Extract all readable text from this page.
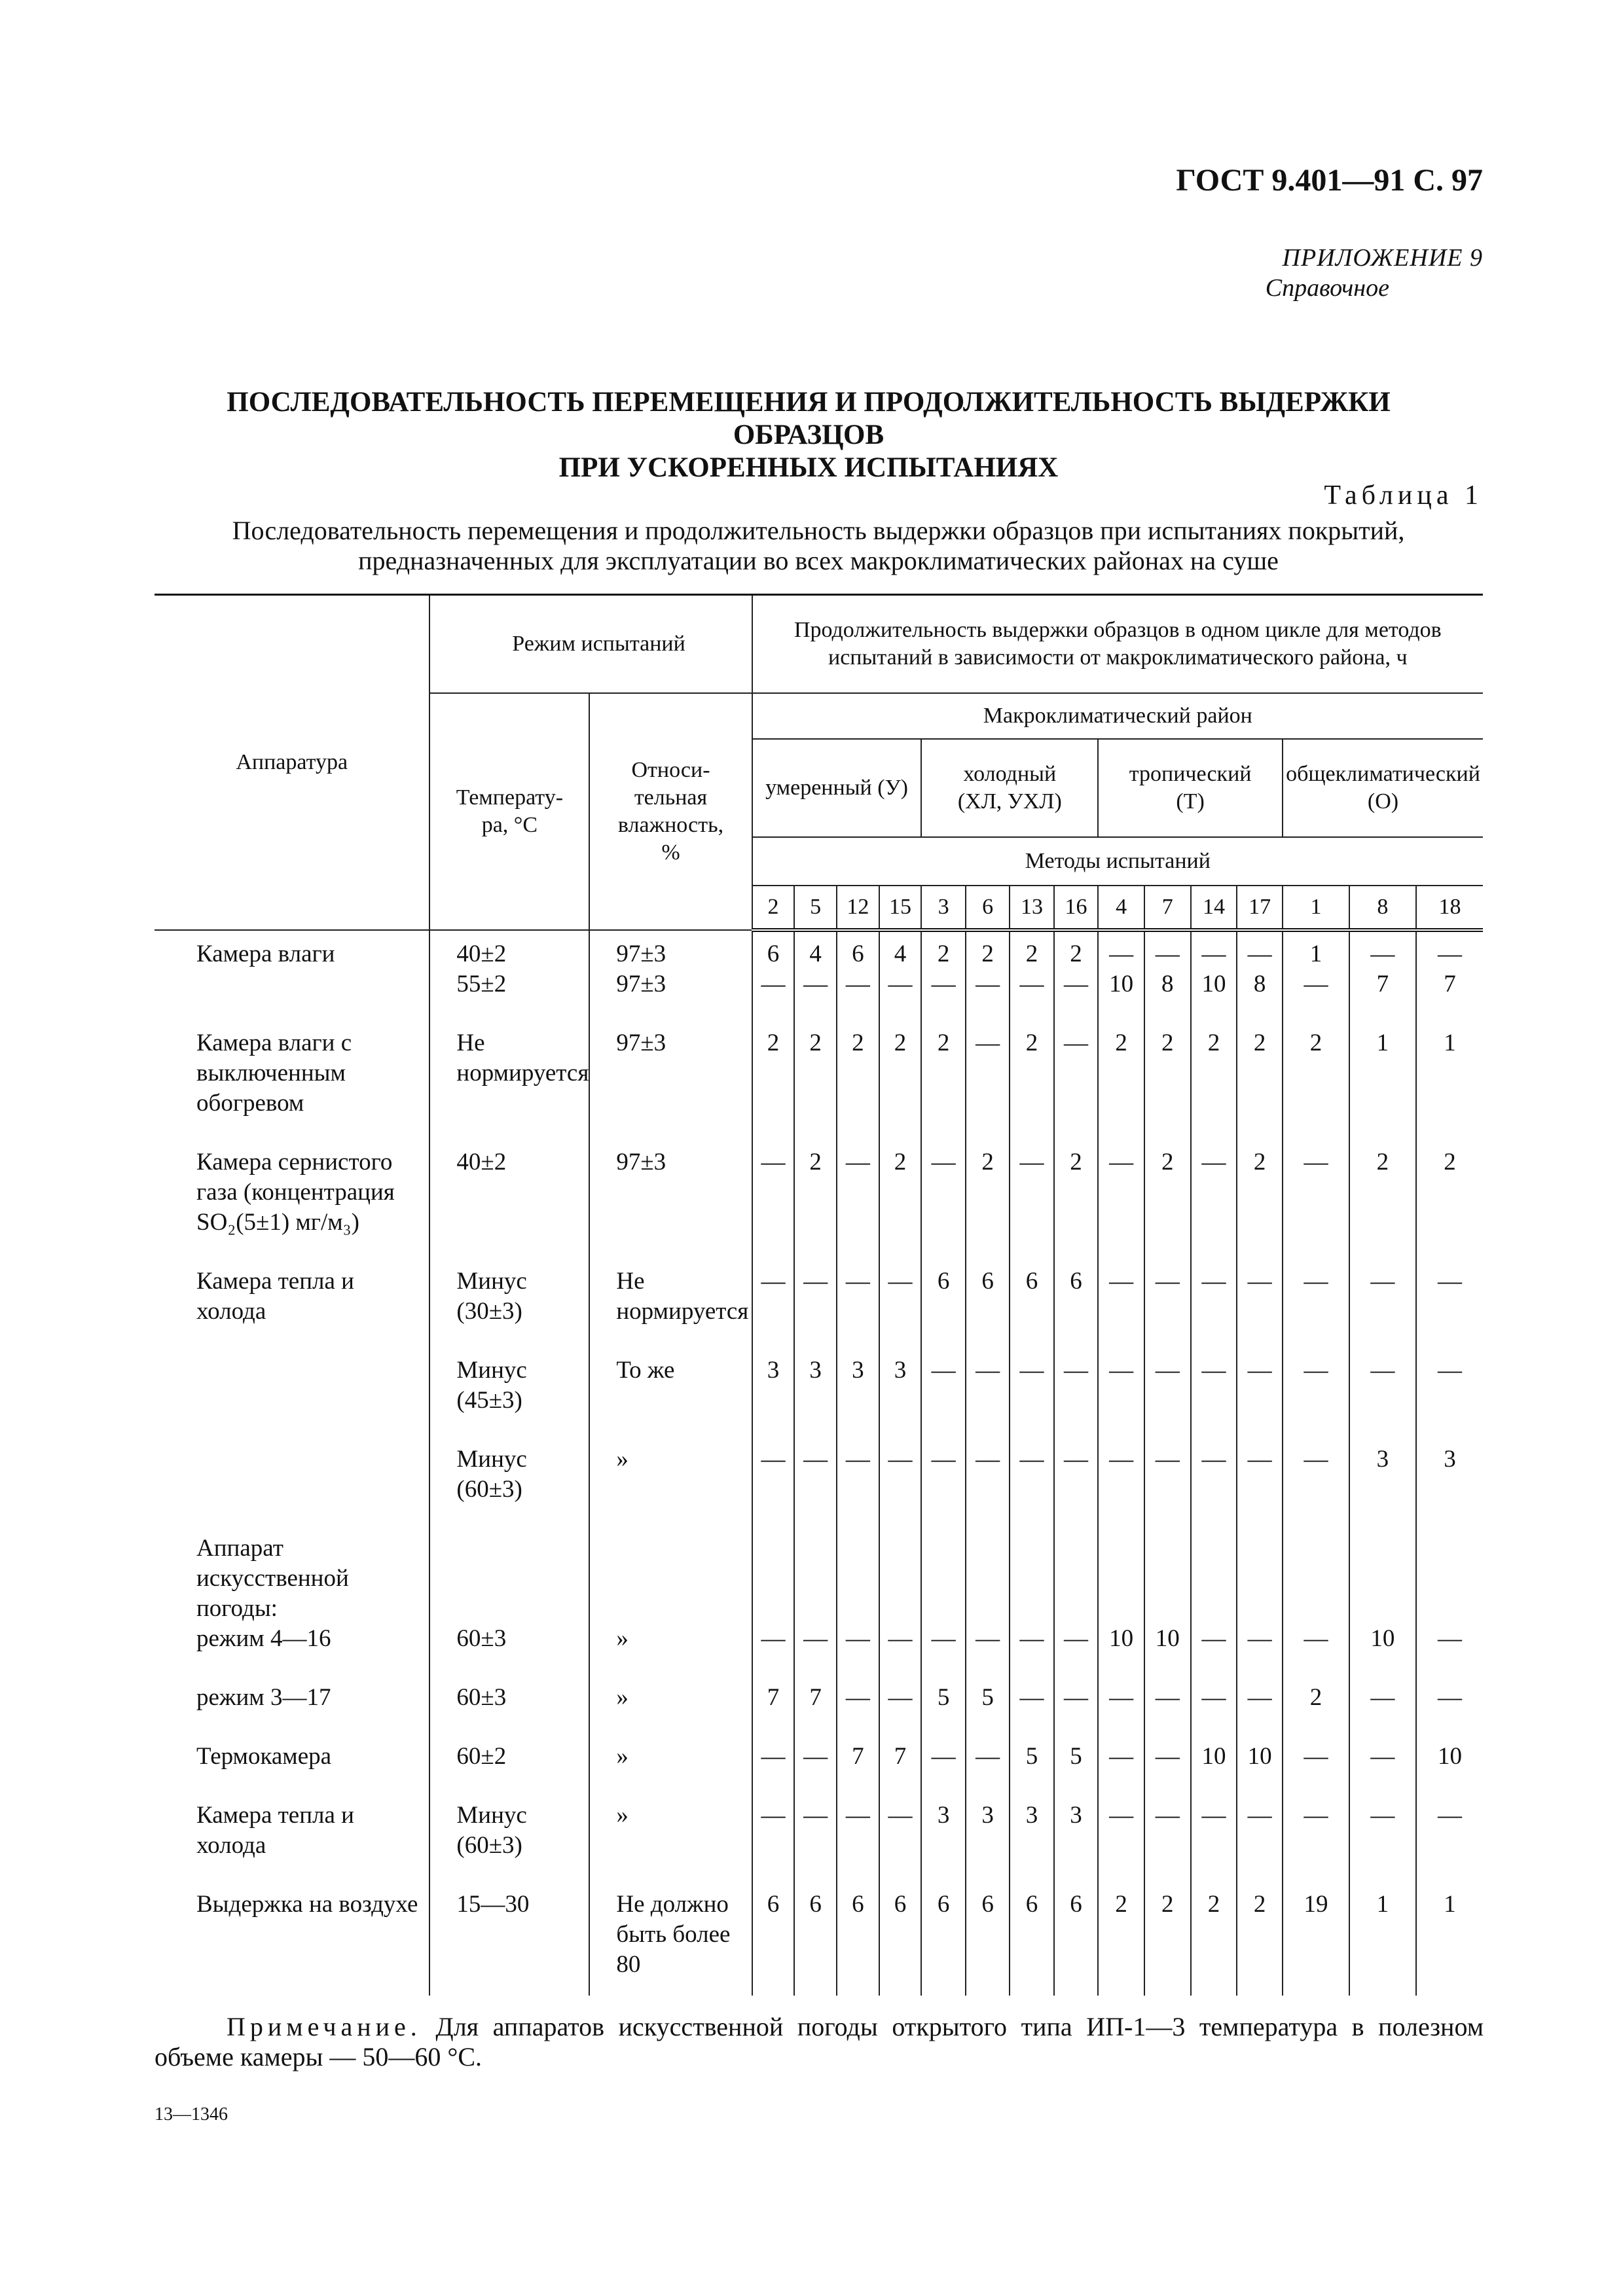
ГОСТ 9.401—91 С. 97
ПРИЛОЖЕНИЕ 9
Справочное
ПОСЛЕДОВАТЕЛЬНОСТЬ ПЕРЕМЕЩЕНИЯ И ПРОДОЛЖИТЕЛЬНОСТЬ ВЫДЕРЖКИ ОБРАЗЦОВ
ПРИ УСКОРЕННЫХ ИСПЫТАНИЯХ
Таблица 1
Последовательность перемещения и продолжительность выдержки образцов при испытаниях покрытий,
предназначенных для эксплуатации во всех макроклиматических районах на суше
Аппаратура	Режим испытаний		Продолжительность выдержки образцов в одном цикле для методов испытаний в зависимости от макроклиматического района, ч														
	Температу-ра, °С	Относи-тельная влажность, %	Макроклиматический район														
			умеренный (У)				холодный (ХЛ, УХЛ)				тропический (Т)				общеклиматический (О)		
			Методы испытаний														
			2	5	12	15	3	6	13	16	4	7	14	17	1	8	18

Камера влаги	40±2	97±3	6	4	6	4	2	2	2	2	—	—	—	—	1	—	—

	55±2	97±3	—	—	—	—	—	—	—	—	10	8	10	8	—	7	7

Камера влаги с выключенным обогревом	Не нормируется	97±3	2	2	2	2	2	—	2	—	2	2	2	2	2	1	1

Камера сернистого газа (концентрация SO₂(5±1) мг/м₃)	40±2	97±3	—	2	—	2	—	2	—	2	—	2	—	2	—	2	2

Камера тепла и холода	Минус (30±3)	Не нормируется	—	—	—	—	6	6	6	6	—	—	—	—	—	—	—

	Минус (45±3)	То же	3	3	3	3	—	—	—	—	—	—	—	—	—	—	—

	Минус (60±3)	»	—	—	—	—	—	—	—	—	—	—	—	—	—	3	3

Аппарат искусственной погоды:																	

режим 4—16	60±3	»	—	—	—	—	—	—	—	—	10	10	—	—	—	10	—

режим 3—17	60±3	»	7	7	—	—	5	5	—	—	—	—	—	—	2	—	—

Термокамера	60±2	»	—	—	7	7	—	—	5	5	—	—	10	10	—	—	10

Камера тепла и холода	Минус (60±3)	»	—	—	—	—	3	3	3	3	—	—	—	—	—	—	—

Выдержка на воздухе	15—30	Не должно быть более 80	6	6	6	6	6	6	6	6	2	2	2	2	19	1	1
Примечание. Для аппаратов искусственной погоды открытого типа ИП-1—3 температура в полезном объеме камеры — 50—60 °С.
13—1346
